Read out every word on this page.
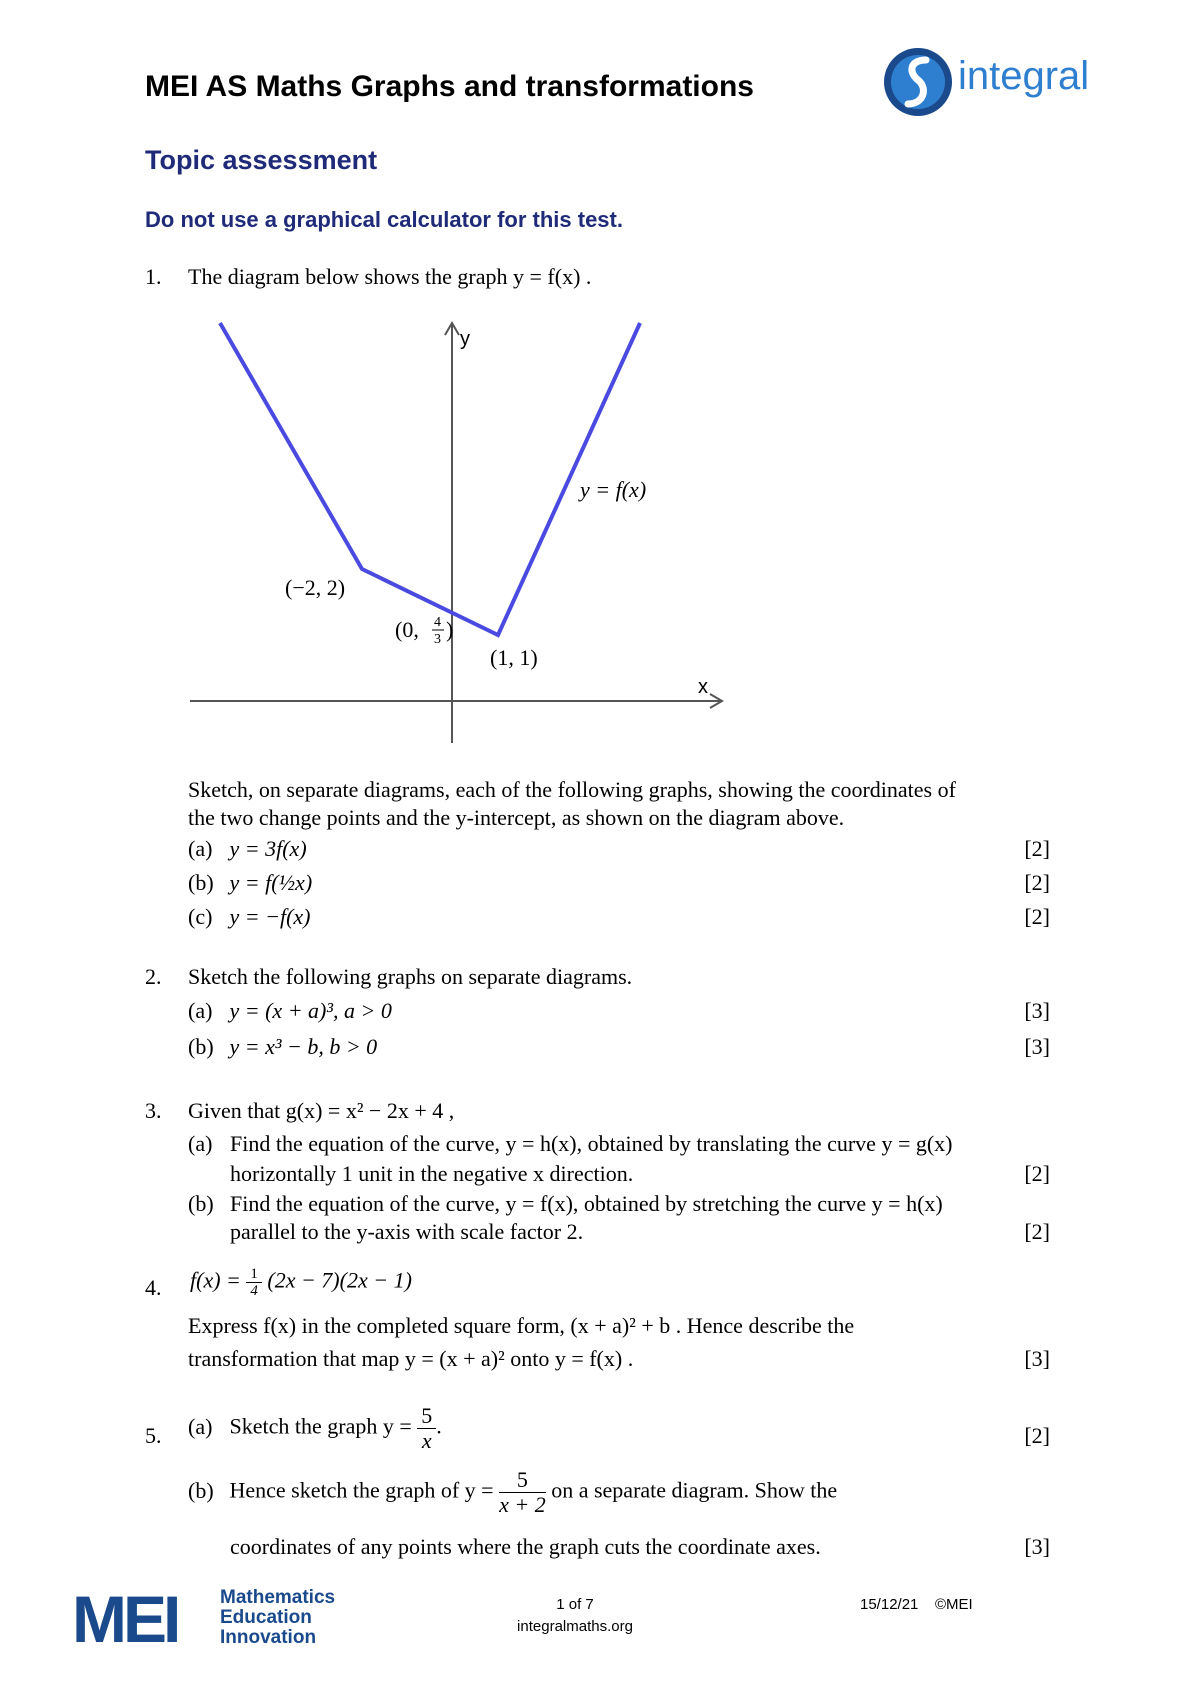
MEI AS Maths Graphs and transformations	integral
Topic assessment
Do not use a graphical calculator for this test.
1. The diagram below shows the graph y = f(x) .
y
x
y = f(x)
(−2, 2)
(0, 4
3 )
(1, 1)
Sketch, on separate diagrams, each of the following graphs, showing the coordinates of
the two change points and the y-intercept, as shown on the diagram above.
(a) y = 3f(x)	[2]
(b) y = f(½x)	[2]
(c) y = −f(x)	[2]
2. Sketch the following graphs on separate diagrams.
(a) y = (x + a)³, a > 0	[3]
(b) y = x³ − b, b > 0	[3]
3. Given that g(x) = x² − 2x + 4 ,
(a) Find the equation of the curve, y = h(x), obtained by translating the curve y = g(x)
horizontally 1 unit in the negative x direction.	[2]
(b) Find the equation of the curve, y = f(x), obtained by stretching the curve y = h(x)
parallel to the y-axis with scale factor 2.	[2]
4. $f(x) = \frac{1}{4} (2x - 7)(2x - 1)$
Express f(x) in the completed square form, (x + a)² + b . Hence describe the
transformation that map y = (x + a)² onto y = f(x) .	[3]
5. (a) Sketch the graph $y = \frac{5}{x}$ .	[2]
(b) Hence sketch the graph of $y = \frac{5}{x + 2}$ on a separate diagram. Show the
coordinates of any points where the graph cuts the coordinate axes.	[3]
MEI Mathematics
Education
Innovation
1 of 7
integralmaths.org
15/12/21 ©MEI
